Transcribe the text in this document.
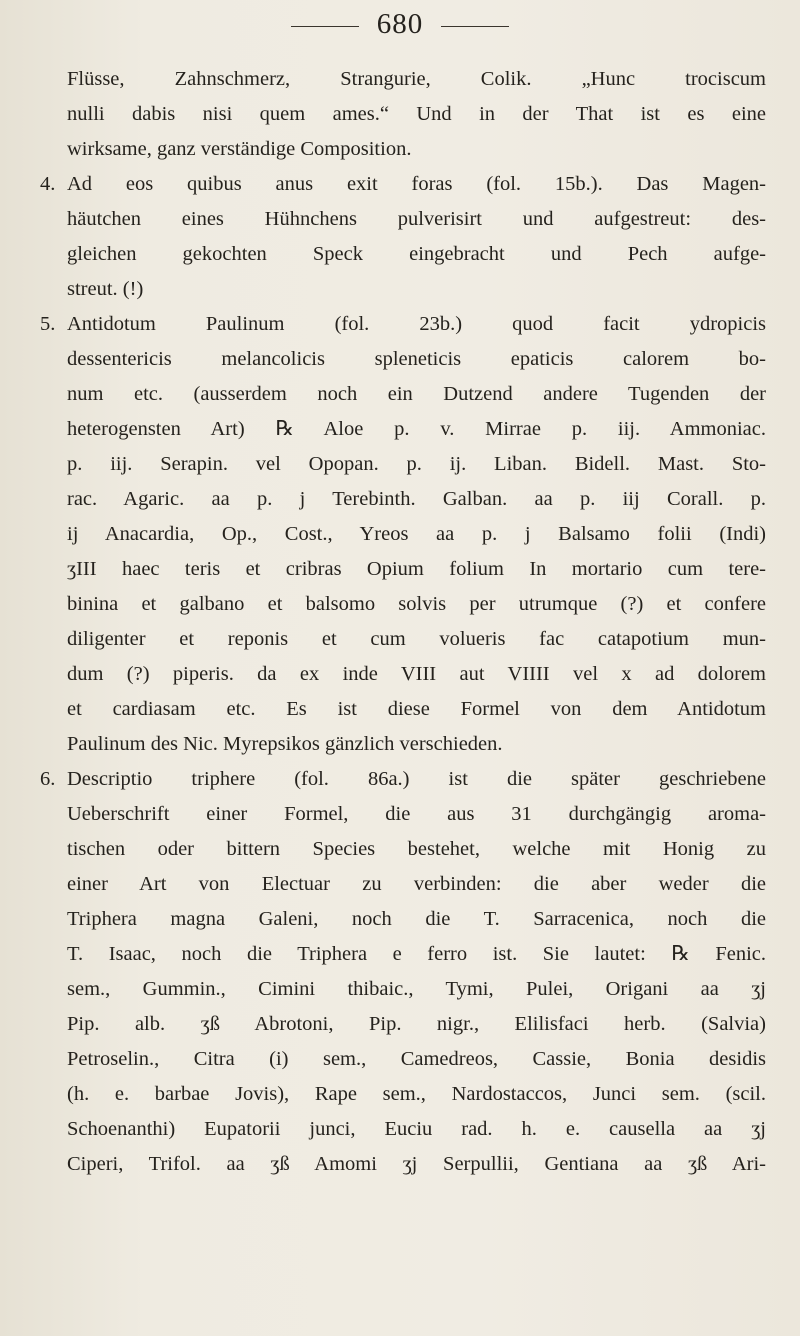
680
Flüsse, Zahnschmerz, Strangurie, Colik. „Hunc trociscum
nulli dabis nisi quem ames.“ Und in der That ist es eine
wirksame, ganz verständige Composition.
4. Ad eos quibus anus exit foras (fol. 15b.). Das Magen-
häutchen eines Hühnchens pulverisirt und aufgestreut: des-
gleichen gekochten Speck eingebracht und Pech aufge-
streut. (!)
5. Antidotum Paulinum (fol. 23b.) quod facit ydropicis
dessentericis melancolicis spleneticis epaticis calorem bo-
num etc. (ausserdem noch ein Dutzend andere Tugenden der
heterogensten Art) ℞ Aloe p. v. Mirrae p. iij. Ammoniac.
p. iij. Serapin. vel Opopan. p. ij. Liban. Bidell. Mast. Sto-
rac. Agaric. aa p. j Terebinth. Galban. aa p. iij Corall. p.
ij Anacardia, Op., Cost., Yreos aa p. j Balsamo folii (Indi)
ʒIII haec teris et cribras Opium folium In mortario cum tere-
binina et galbano et balsomo solvis per utrumque (?) et confere
diligenter et reponis et cum volueris fac catapotium mun-
dum (?) piperis. da ex inde VIII aut VIIII vel x ad dolorem
et cardiasam etc. Es ist diese Formel von dem Antidotum
Paulinum des Nic. Myrepsikos gänzlich verschieden.
6. Descriptio triphere (fol. 86a.) ist die später geschriebene
Ueberschrift einer Formel, die aus 31 durchgängig aroma-
tischen oder bittern Species bestehet, welche mit Honig zu
einer Art von Electuar zu verbinden: die aber weder die
Triphera magna Galeni, noch die T. Sarracenica, noch die
T. Isaac, noch die Triphera e ferro ist. Sie lautet: ℞ Fenic.
sem., Gummin., Cimini thibaic., Tymi, Pulei, Origani aa ʒj
Pip. alb. ʒß Abrotoni, Pip. nigr., Elilisfaci herb. (Salvia)
Petroselin., Citra (i) sem., Camedreos, Cassie, Bonia desidis
(h. e. barbae Jovis), Rape sem., Nardostaccos, Junci sem. (scil.
Schoenanthi) Eupatorii junci, Euciu rad. h. e. causella aa ʒj
Ciperi, Trifol. aa ʒß Amomi ʒj Serpullii, Gentiana aa ʒß Ari-
